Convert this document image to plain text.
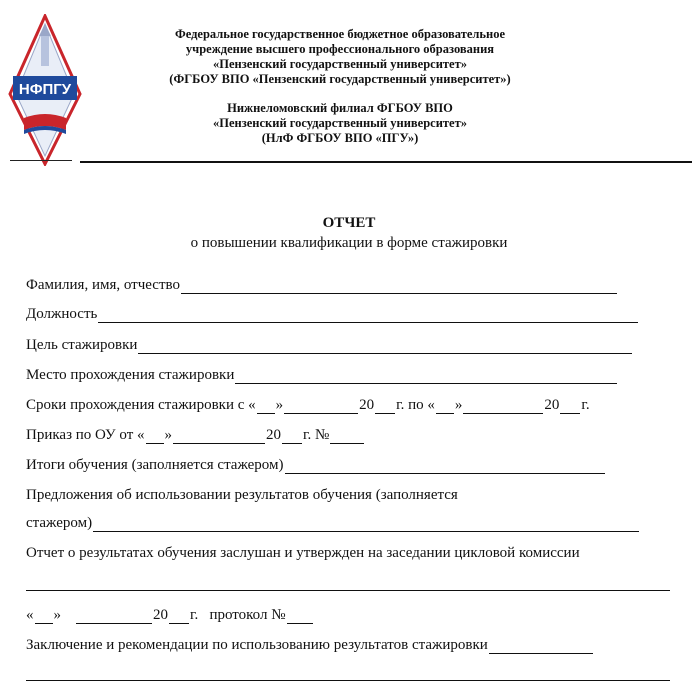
НФПГУ
Федеральное государственное бюджетное образовательное
учреждение высшего профессионального образования
«Пензенский государственный университет»
(ФГБОУ ВПО «Пензенский государственный университет»)
Нижнеломовский филиал ФГБОУ ВПО
«Пензенский государственный университет»
(НлФ ФГБОУ ВПО «ПГУ»)
ОТЧЕТ
о повышении квалификации в форме стажировки
Фамилия, имя, отчество
Должность
Цель стажировки
Место прохождения стажировки
Сроки прохождения стажировки с « »	20 г. по « »	20 г.
Приказ по ОУ от « »	20 г. №
Итоги обучения (заполняется стажером)
Предложения об использовании результатов обучения (заполняется
стажером)
Отчет о результатах обучения заслушан и утвержден на заседании цикловой комиссии
« »	20 г.   протокол №
Заключение и рекомендации по использованию результатов стажировки
